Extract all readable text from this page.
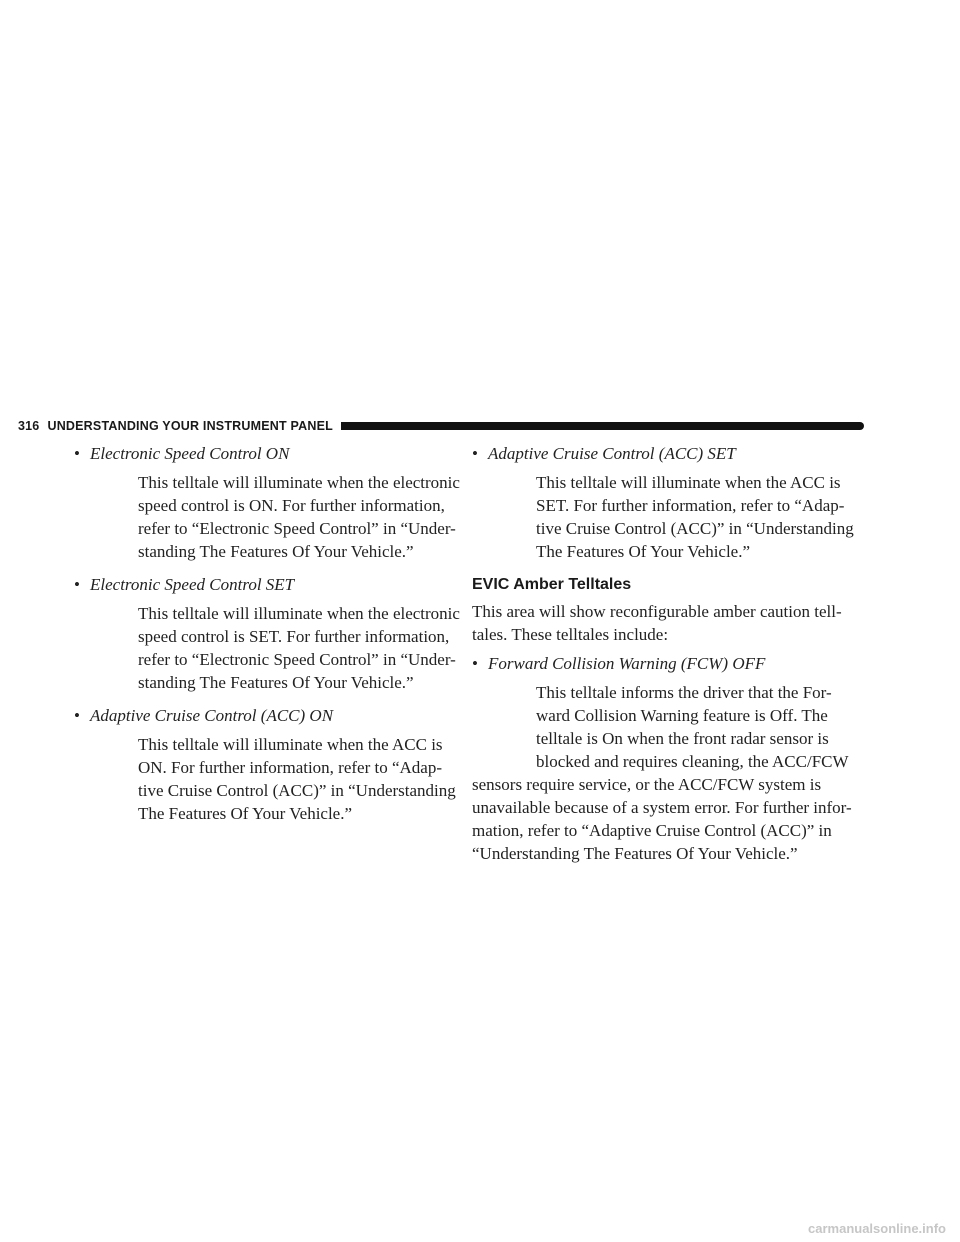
316 UNDERSTANDING YOUR INSTRUMENT PANEL
• Electronic Speed Control ON
This telltale will illuminate when the electronic
speed control is ON. For further information,
refer to “Electronic Speed Control” in “Under-
standing The Features Of Your Vehicle.”
• Electronic Speed Control SET
This telltale will illuminate when the electronic
speed control is SET. For further information,
refer to “Electronic Speed Control” in “Under-
standing The Features Of Your Vehicle.”
• Adaptive Cruise Control (ACC) ON
This telltale will illuminate when the ACC is
ON. For further information, refer to “Adap-
tive Cruise Control (ACC)” in “Understanding
The Features Of Your Vehicle.”
• Adaptive Cruise Control (ACC) SET
This telltale will illuminate when the ACC is
SET. For further information, refer to “Adap-
tive Cruise Control (ACC)” in “Understanding
The Features Of Your Vehicle.”
EVIC Amber Telltales
This area will show reconfigurable amber caution tell-
tales. These telltales include:
• Forward Collision Warning (FCW) OFF
This telltale informs the driver that the For-
ward Collision Warning feature is Off. The
telltale is On when the front radar sensor is
blocked and requires cleaning, the ACC/FCW
sensors require service, or the ACC/FCW system is
unavailable because of a system error. For further infor-
mation, refer to “Adaptive Cruise Control (ACC)” in
“Understanding The Features Of Your Vehicle.”
carmanualsonline.info
